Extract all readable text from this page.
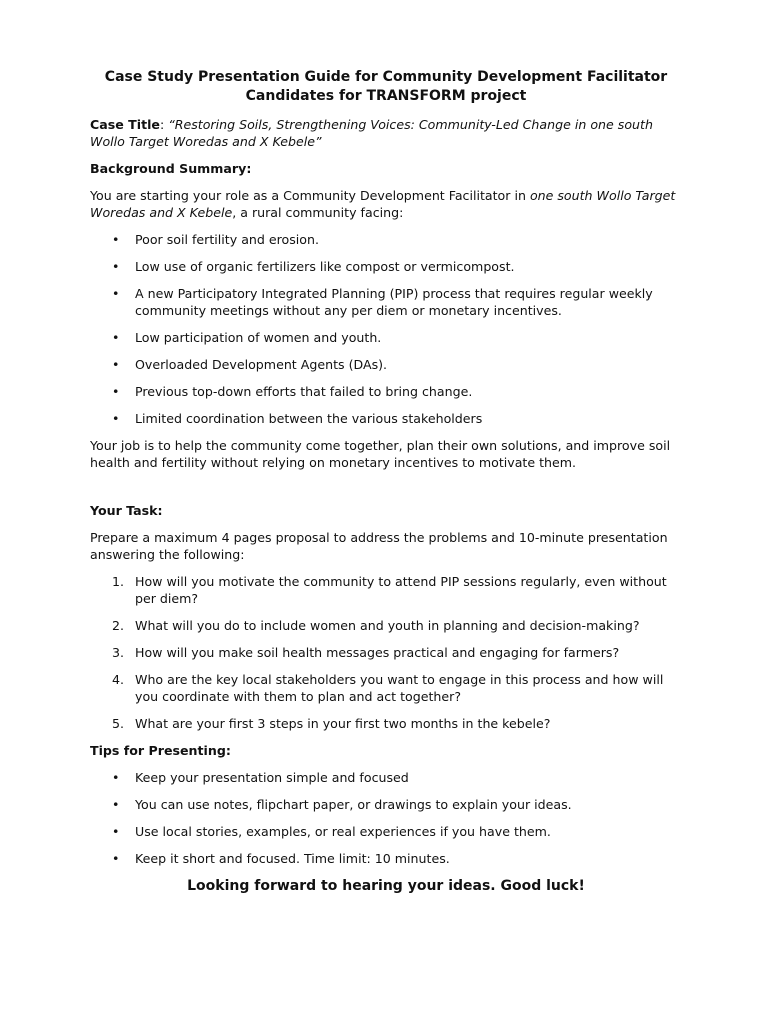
Case Study Presentation Guide for Community Development Facilitator
Candidates for TRANSFORM project

Case Title: “Restoring Soils, Strengthening Voices: Community-Led Change in one south Wollo Target Woredas and X Kebele”

Background Summary:

You are starting your role as a Community Development Facilitator in one south Wollo Target Woredas and X Kebele, a rural community facing:

• Poor soil fertility and erosion.
• Low use of organic fertilizers like compost or vermicompost.
• A new Participatory Integrated Planning (PIP) process that requires regular weekly community meetings without any per diem or monetary incentives.
• Low participation of women and youth.
• Overloaded Development Agents (DAs).
• Previous top-down efforts that failed to bring change.
• Limited coordination between the various stakeholders

Your job is to help the community come together, plan their own solutions, and improve soil health and fertility without relying on monetary incentives to motivate them.

Your Task:

Prepare a maximum 4 pages proposal to address the problems and 10-minute presentation answering the following:

1. How will you motivate the community to attend PIP sessions regularly, even without per diem?
2. What will you do to include women and youth in planning and decision-making?
3. How will you make soil health messages practical and engaging for farmers?
4. Who are the key local stakeholders you want to engage in this process and how will you coordinate with them to plan and act together?
5. What are your first 3 steps in your first two months in the kebele?

Tips for Presenting:

• Keep your presentation simple and focused
• You can use notes, flipchart paper, or drawings to explain your ideas.
• Use local stories, examples, or real experiences if you have them.
• Keep it short and focused. Time limit: 10 minutes.
Looking forward to hearing your ideas. Good luck!
